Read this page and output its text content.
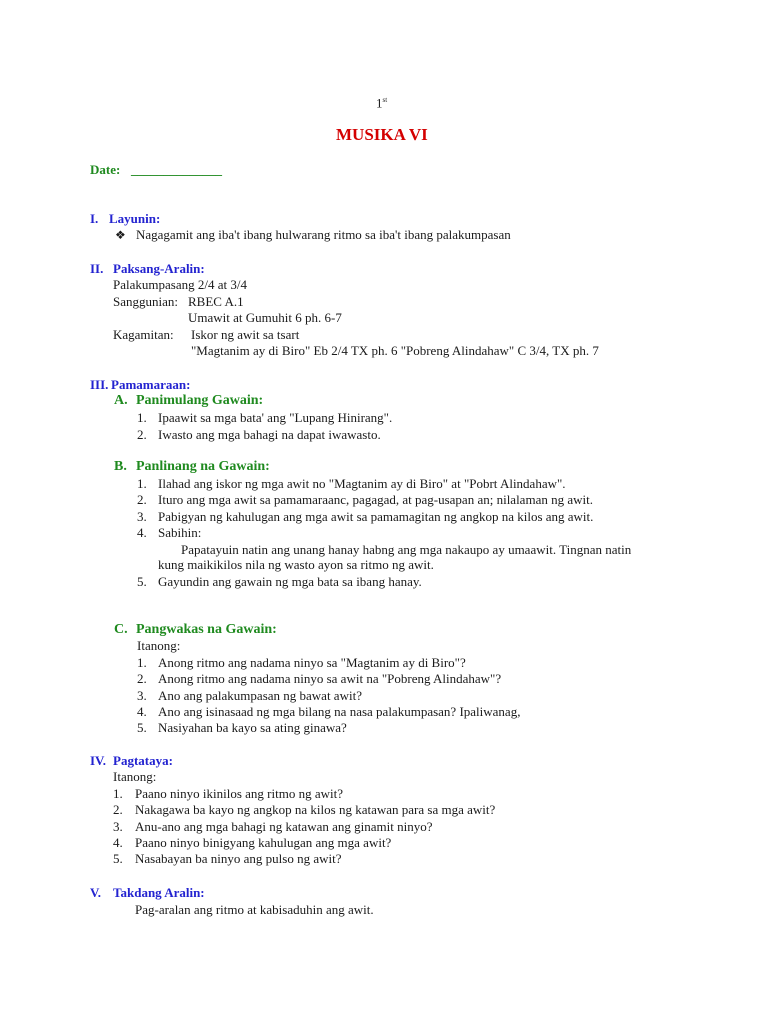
1st
MUSIKA VI
Date: ______________
I. Layunin:
❖ Nagagamit ang iba't ibang hulwarang ritmo sa iba't ibang palakumpasan
II. Paksang-Aralin:
Palakumpasang 2/4 at 3/4
Sanggunian: RBEC A.1
Umawit at Gumuhit 6 ph. 6-7
Kagamitan: Iskor ng awit sa tsart
"Magtanim ay di Biro" Eb 2/4 TX ph. 6 "Pobreng Alindahaw" C 3/4, TX ph. 7
III. Pamamaraan:
A. Panimulang Gawain:
1. Ipaawit sa mga bata' ang "Lupang Hinirang".
2. Iwasto ang mga bahagi na dapat iwawasto.
B. Panlinang na Gawain:
1. Ilahad ang iskor ng mga awit no "Magtanim ay di Biro" at "Pobrt Alindahaw".
2. Ituro ang mga awit sa pamamaraanc, pagagad, at pag-usapan an; nilalaman ng awit.
3. Pabigyan ng kahulugan ang mga awit sa pamamagitan ng angkop na kilos ang awit.
4. Sabihin:
Papatayuin natin ang unang hanay habng ang mga nakaupo ay umaawit. Tingnan natin
kung maikikilos nila ng wasto ayon sa ritmo ng awit.
5. Gayundin ang gawain ng mga bata sa ibang hanay.
C. Pangwakas na Gawain:
Itanong:
1. Anong ritmo ang nadama ninyo sa "Magtanim ay di Biro"?
2. Anong ritmo ang nadama ninyo sa awit na "Pobreng Alindahaw"?
3. Ano ang palakumpasan ng bawat awit?
4. Ano ang isinasaad ng mga bilang na nasa palakumpasan? Ipaliwanag,
5. Nasiyahan ba kayo sa ating ginawa?
IV. Pagtataya:
Itanong:
1. Paano ninyo ikinilos ang ritmo ng awit?
2. Nakagawa ba kayo ng angkop na kilos ng katawan para sa mga awit?
3. Anu-ano ang mga bahagi ng katawan ang ginamit ninyo?
4. Paano ninyo binigyang kahulugan ang mga awit?
5. Nasabayan ba ninyo ang pulso ng awit?
V. Takdang Aralin:
Pag-aralan ang ritmo at kabisaduhin ang awit.
